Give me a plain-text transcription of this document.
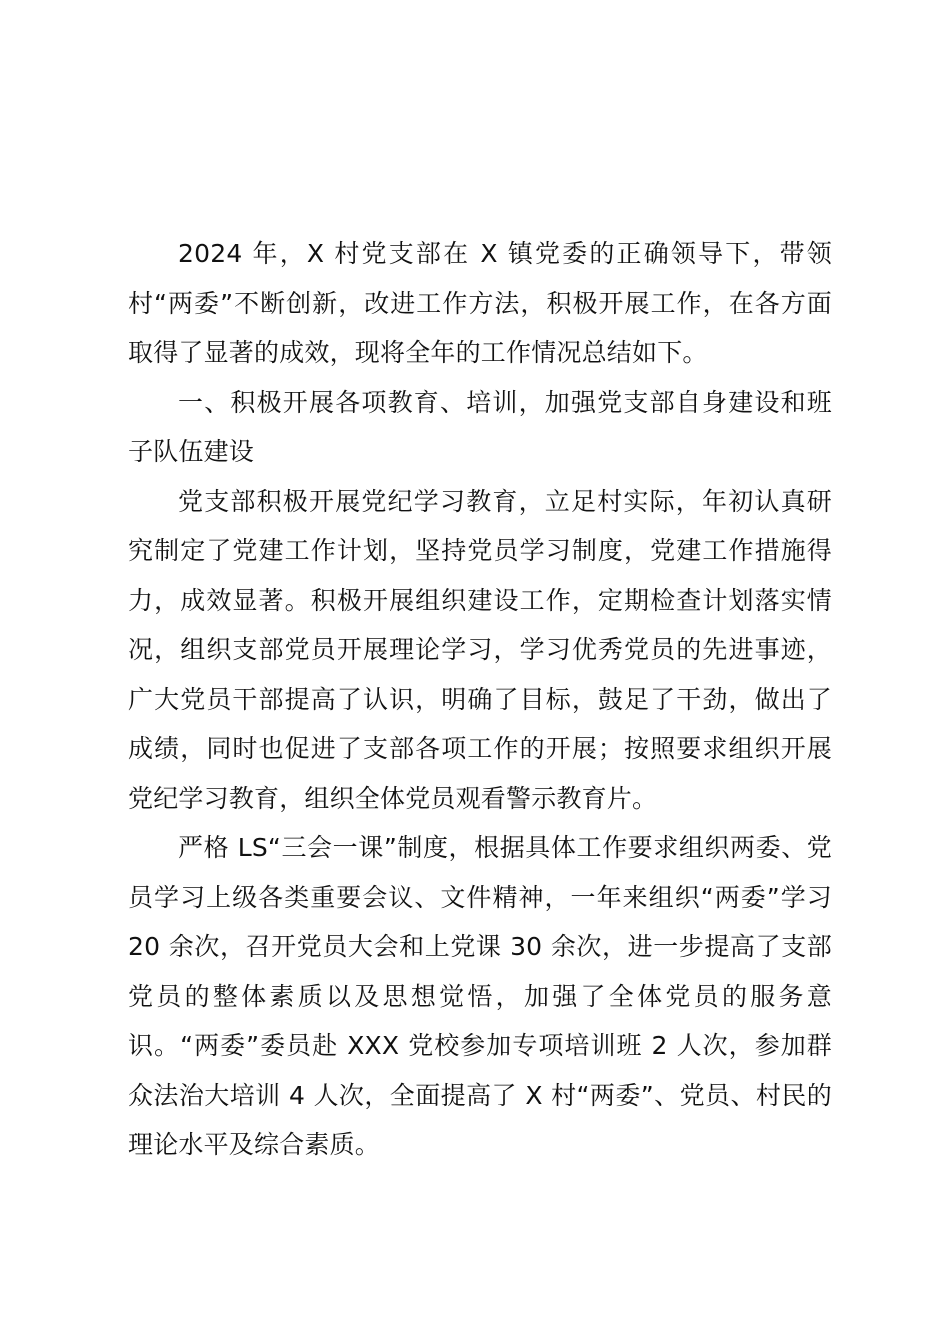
2024 年，X 村党支部在 X 镇党委的正确领导下，带领村“两委”不断创新，改进工作方法，积极开展工作，在各方面取得了显著的成效，现将全年的工作情况总结如下。

一、积极开展各项教育、培训，加强党支部自身建设和班子队伍建设

党支部积极开展党纪学习教育，立足村实际，年初认真研究制定了党建工作计划，坚持党员学习制度，党建工作措施得力，成效显著。积极开展组织建设工作，定期检查计划落实情况，组织支部党员开展理论学习，学习优秀党员的先进事迹，广大党员干部提高了认识，明确了目标，鼓足了干劲，做出了成绩，同时也促进了支部各项工作的开展；按照要求组织开展党纪学习教育，组织全体党员观看警示教育片。

严格 LS“三会一课”制度，根据具体工作要求组织两委、党员学习上级各类重要会议、文件精神，一年来组织“两委”学习 20 余次，召开党员大会和上党课 30 余次，进一步提高了支部党员的整体素质以及思想觉悟，加强了全体党员的服务意识。“两委”委员赴 XXX 党校参加专项培训班 2 人次，参加群众法治大培训 4 人次，全面提高了 X 村“两委”、党员、村民的理论水平及综合素质。
